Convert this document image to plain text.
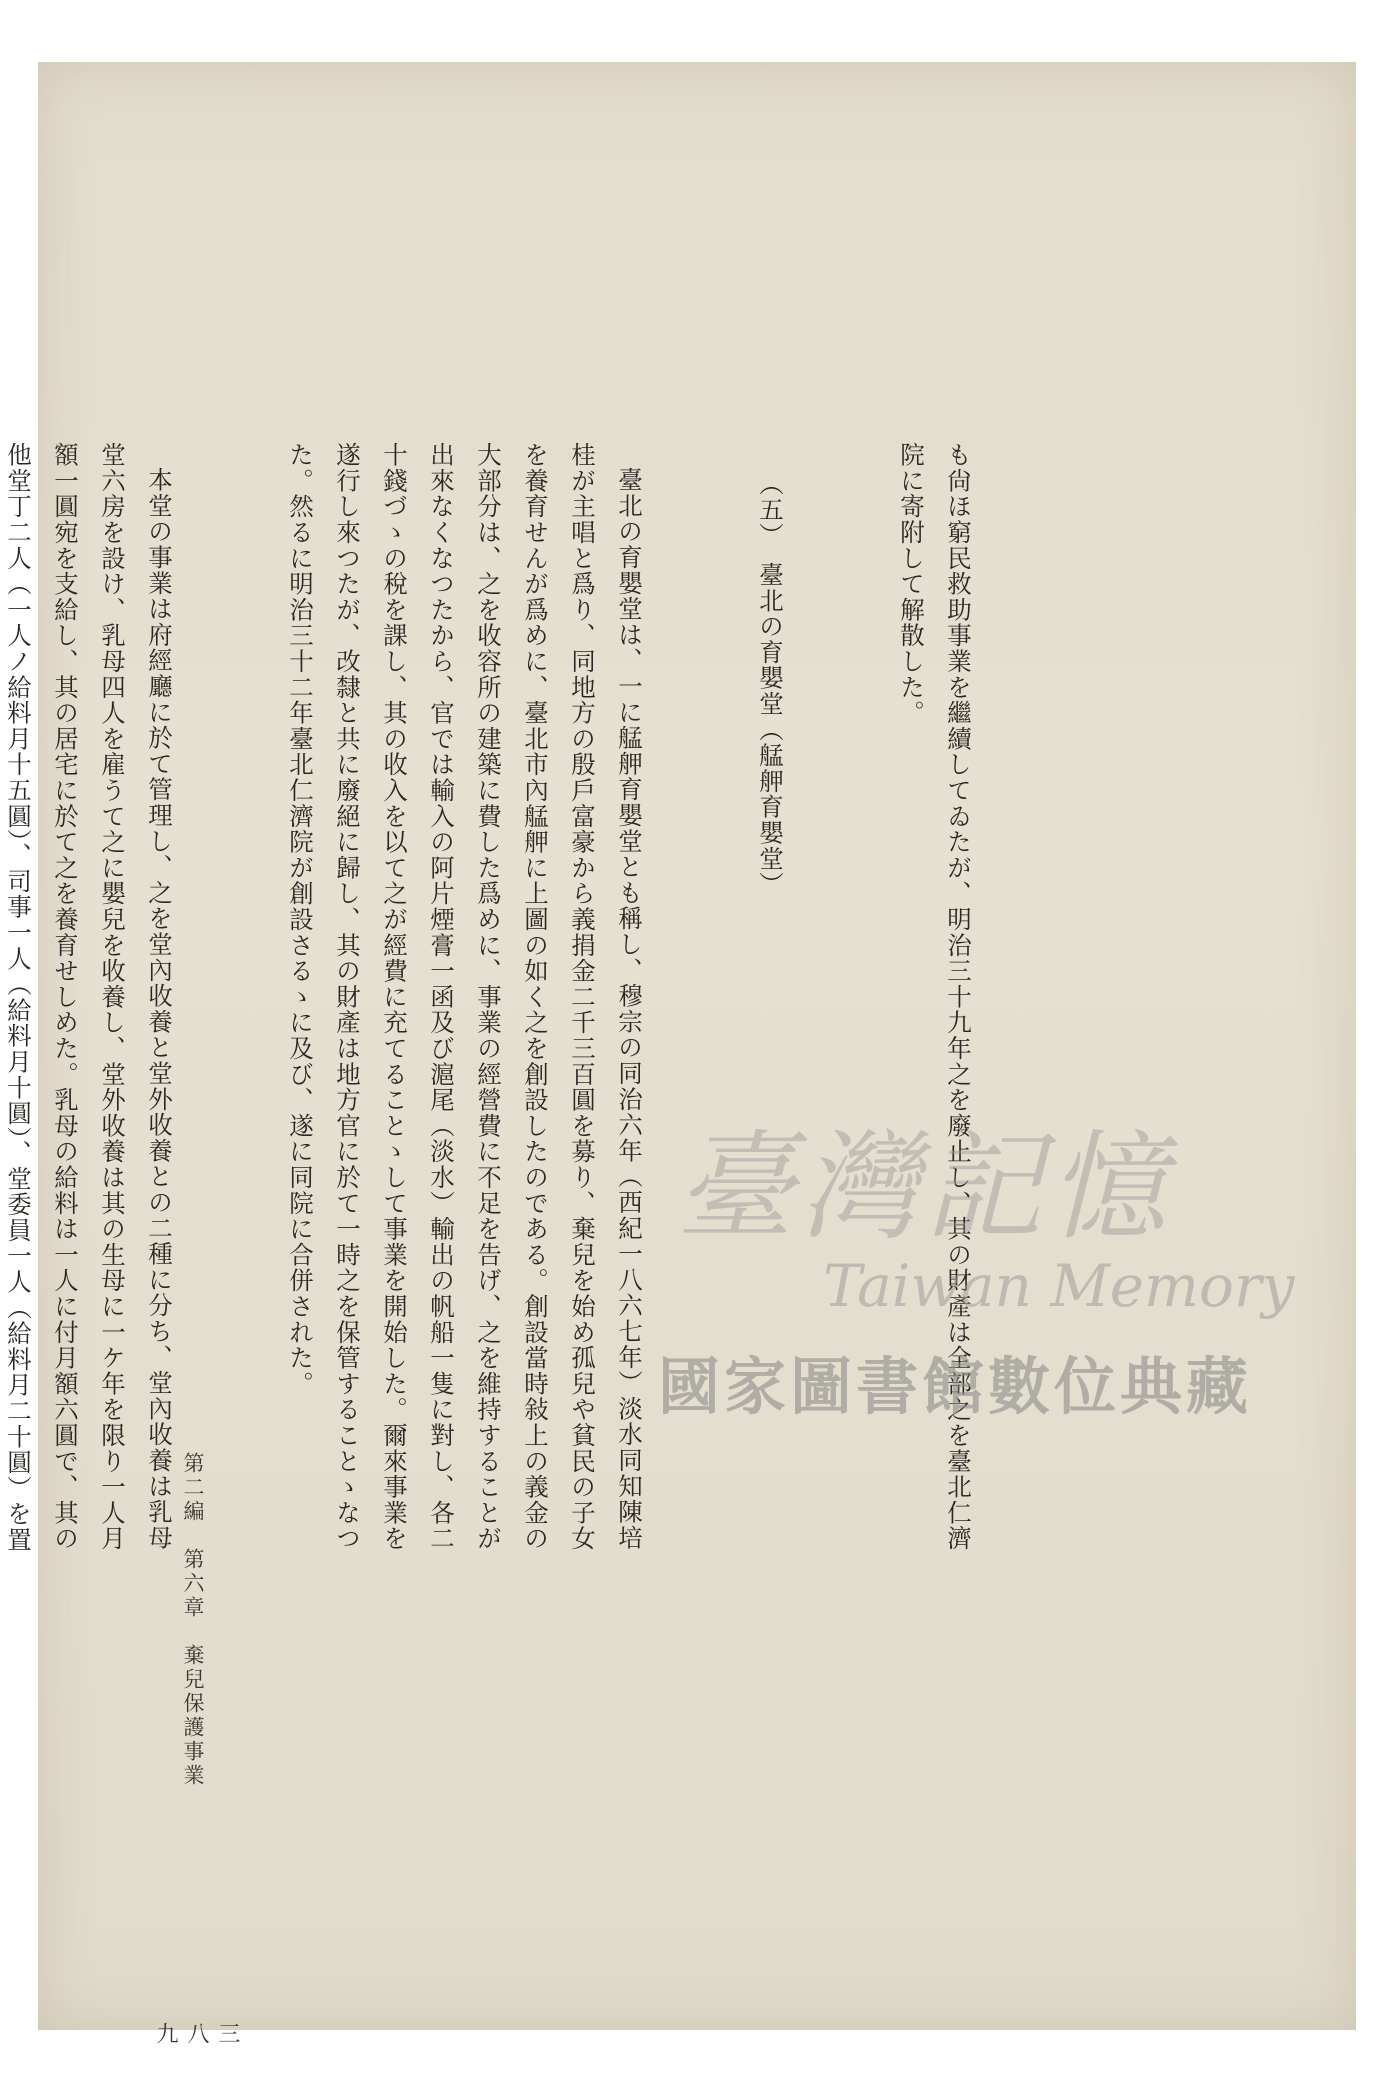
も尙ほ窮民救助事業を繼續してゐたが、明治三十九年之を廢止し、其の財產は全部之を臺北仁濟院に寄附して解散した。

（五）　臺北の育嬰堂（艋舺育嬰堂）

臺北の育嬰堂は、一に艋舺育嬰堂とも稱し、穆宗の同治六年（西紀一八六七年）淡水同知陳培桂が主唱と爲り、同地方の殷戶富豪から義捐金二千三百圓を募り、棄兒を始め孤兒や貧民の子女を養育せんが爲めに、臺北市內艋舺に上圖の如く之を創設したのである。創設當時敍上の義金の大部分は、之を收容所の建築に費した爲めに、事業の經營費に不足を告げ、之を維持することが出來なくなつたから、官では輸入の阿片煙膏一函及び滬尾（淡水）輸出の帆船一隻に對し、各二十錢づゝの稅を課し、其の收入を以て之が經費に充てることゝして事業を開始した。爾來事業を遂行し來つたが、改隸と共に廢絕に歸し、其の財產は地方官に於て一時之を保管することゝなつた。然るに明治三十二年臺北仁濟院が創設さるゝに及び、遂に同院に合併された。

本堂の事業は府經廳に於て管理し、之を堂內收養と堂外收養との二種に分ち、堂內收養は乳母堂六房を設け、乳母四人を雇うて之に嬰兒を收養し、堂外收養は其の生母に一ケ年を限り一人月額一圓宛を支給し、其の居宅に於て之を養育せしめた。乳母の給料は一人に付月額六圓で、其の他堂丁二人（一人ノ給料月十五圓）、司事一人（給料月十圓）、堂委員一人（給料月二十圓）を置

	第二編　第六章　棄兒保護事業
三八九
臺灣記憶
Taiwan Memory
國家圖書館數位典藏
